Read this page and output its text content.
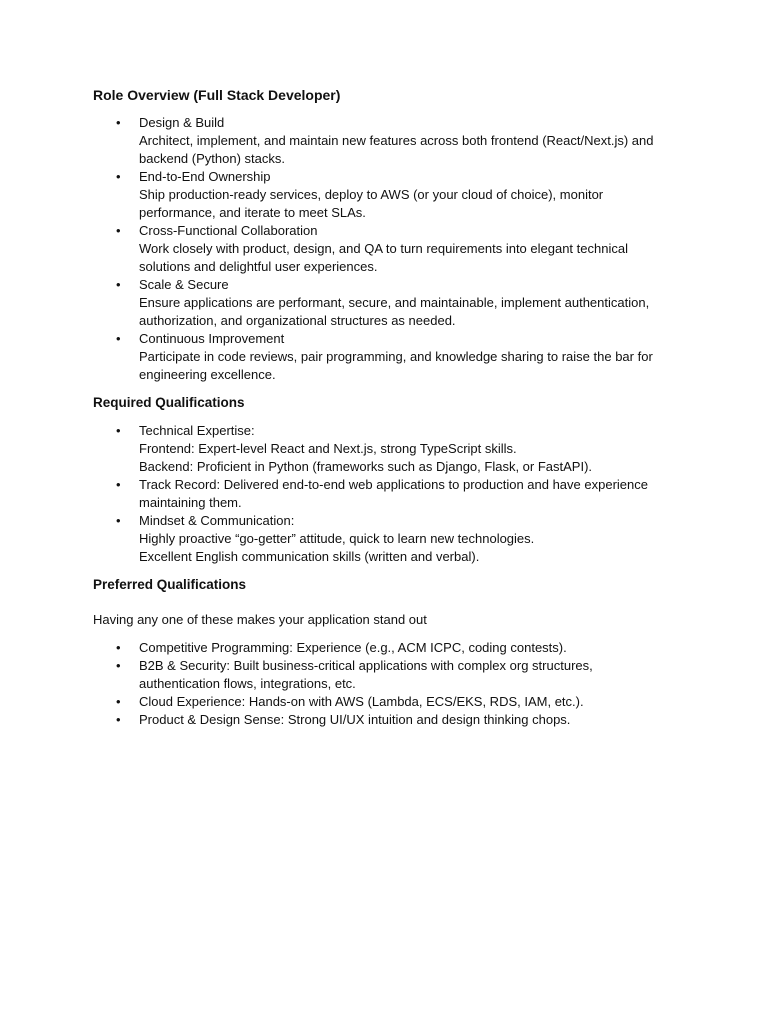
Role Overview (Full Stack Developer)

• Design & Build
Architect, implement, and maintain new features across both frontend (React/Next.js) and backend (Python) stacks.
• End-to-End Ownership
Ship production-ready services, deploy to AWS (or your cloud of choice), monitor performance, and iterate to meet SLAs.
• Cross-Functional Collaboration
Work closely with product, design, and QA to turn requirements into elegant technical solutions and delightful user experiences.
• Scale & Secure
Ensure applications are performant, secure, and maintainable, implement authentication, authorization, and organizational structures as needed.
• Continuous Improvement
Participate in code reviews, pair programming, and knowledge sharing to raise the bar for engineering excellence.

Required Qualifications

• Technical Expertise:
Frontend: Expert-level React and Next.js, strong TypeScript skills.
Backend: Proficient in Python (frameworks such as Django, Flask, or FastAPI).
• Track Record: Delivered end-to-end web applications to production and have experience maintaining them.
• Mindset & Communication:
Highly proactive “go-getter” attitude, quick to learn new technologies.
Excellent English communication skills (written and verbal).

Preferred Qualifications

Having any one of these makes your application stand out

• Competitive Programming: Experience (e.g., ACM ICPC, coding contests).
• B2B & Security: Built business-critical applications with complex org structures, authentication flows, integrations, etc.
• Cloud Experience: Hands-on with AWS (Lambda, ECS/EKS, RDS, IAM, etc.).
• Product & Design Sense: Strong UI/UX intuition and design thinking chops.
